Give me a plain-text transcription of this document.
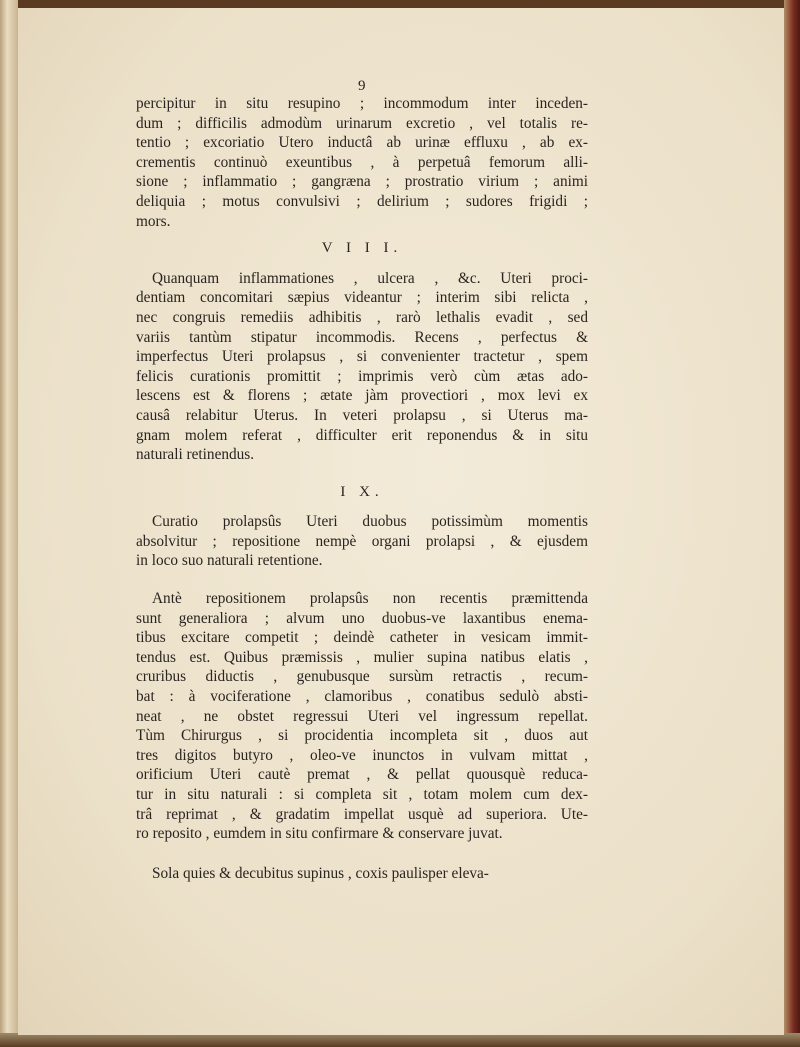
9

percipitur in situ resupino ; incommodum inter inceden-
dum ; difficilis admodùm urinarum excretio , vel totalis re-
tentio ; excoriatio Utero inductâ ab urinæ effluxu , ab ex-
crementis continuò exeuntibus , à perpetuâ femorum alli-
sione ; inflammatio ; gangræna ; prostratio virium ; animi
deliquia ; motus convulsivi ; delirium ; sudores frigidi ;
mors.

V I I I.

Quanquam inflammationes , ulcera , &c. Uteri proci-
dentiam concomitari sæpius videantur ; interim sibi relicta ,
nec congruis remediis adhibitis , rarò lethalis evadit , sed
variis tantùm stipatur incommodis. Recens , perfectus &
imperfectus Uteri prolapsus , si convenienter tractetur , spem
felicis curationis promittit ; imprimis verò cùm ætas ado-
lescens est & florens ; ætate jàm provectiori , mox levi ex
causâ relabitur Uterus. In veteri prolapsu , si Uterus ma-
gnam molem referat , difficulter erit reponendus & in situ
naturali retinendus.

I X.

Curatio prolapsûs Uteri duobus potissimùm momentis
absolvitur ; repositione nempè organi prolapsi , & ejusdem
in loco suo naturali retentione.

Antè repositionem prolapsûs non recentis præmittenda
sunt generaliora ; alvum uno duobus-ve laxantibus enema-
tibus excitare competit ; deindè catheter in vesicam immit-
tendus est. Quibus præmissis , mulier supina natibus elatis ,
cruribus diductis , genubusque sursùm retractis , recum-
bat : à vociferatione , clamoribus , conatibus sedulò absti-
neat , ne obstet regressui Uteri vel ingressum repellat.
Tùm Chirurgus , si procidentia incompleta sit , duos aut
tres digitos butyro , oleo-ve inunctos in vulvam mittat ,
orificium Uteri cautè premat , & pellat quousquè reduca-
tur in situ naturali : si completa sit , totam molem cum dex-
trâ reprimat , & gradatim impellat usquè ad superiora. Ute-
ro reposito , eumdem in situ confirmare & conservare juvat.

Sola quies & decubitus supinus , coxis paulisper eleva-
